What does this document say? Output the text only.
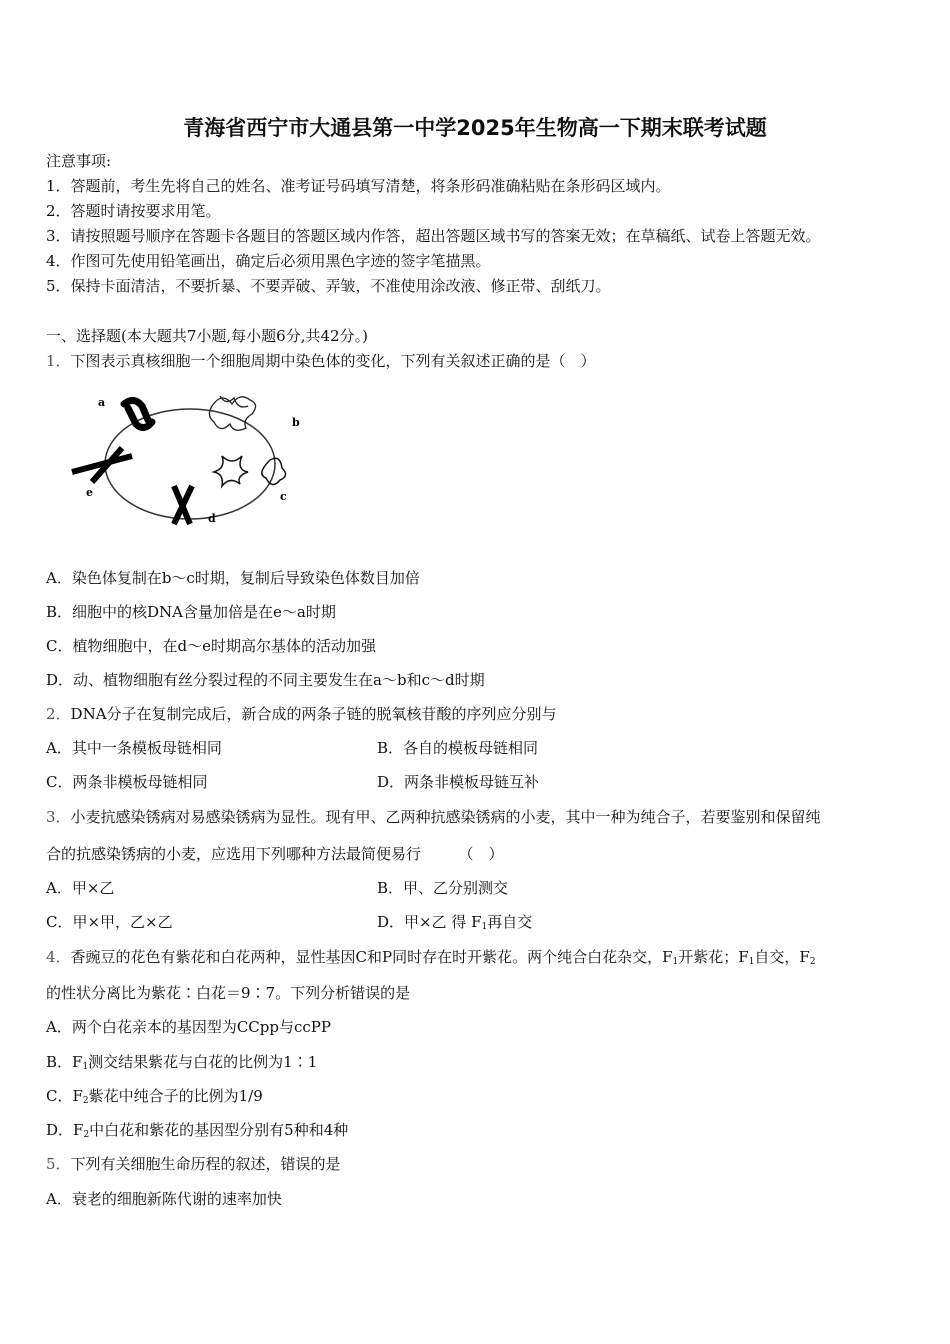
青海省西宁市大通县第一中学2025年生物高一下期末联考试题
注意事项:
1．答题前，考生先将自己的姓名、准考证号码填写清楚，将条形码准确粘贴在条形码区域内。
2．答题时请按要求用笔。
3．请按照题号顺序在答题卡各题目的答题区域内作答，超出答题区域书写的答案无效；在草稿纸、试卷上答题无效。
4．作图可先使用铅笔画出，确定后必须用黑色字迹的签字笔描黑。
5．保持卡面清洁，不要折暴、不要弄破、弄皱，不准使用涂改液、修正带、刮纸刀。
一、选择题(本大题共7小题,每小题6分,共42分。)
1．下图表示真核细胞一个细胞周期中染色体的变化，下列有关叙述正确的是（　）
a
b
c
d
e
A．染色体复制在b～c时期，复制后导致染色体数目加倍
B．细胞中的核DNA含量加倍是在e～a时期
C．植物细胞中，在d～e时期高尔基体的活动加强
D．动、植物细胞有丝分裂过程的不同主要发生在a～b和c～d时期
2．DNA分子在复制完成后，新合成的两条子链的脱氧核苷酸的序列应分别与
A．其中一条模板母链相同	B．各自的模板母链相同
C．两条非模板母链相同	D．两条非模板母链互补
3．小麦抗感染锈病对易感染锈病为显性。现有甲、乙两种抗感染锈病的小麦，其中一种为纯合子，若要鉴别和保留纯
合的抗感染锈病的小麦，应选用下列哪种方法最简便易行　　　（　）
A．甲×乙	B．甲、乙分别测交
C．甲×甲，乙×乙	D．甲×乙 得 $F_1$再自交
4．香豌豆的花色有紫花和白花两种，显性基因C和P同时存在时开紫花。两个纯合白花杂交，$F_1$开紫花；$F_1$自交，$F_2$
的性状分离比为紫花∶白花＝9∶7。下列分析错误的是
A．两个白花亲本的基因型为CCpp与ccPP
B．$F_1$测交结果紫花与白花的比例为1∶1
C．$F_2$紫花中纯合子的比例为1/9
D．$F_2$中白花和紫花的基因型分别有5种和4种
5．下列有关细胞生命历程的叙述，错误的是
A．衰老的细胞新陈代谢的速率加快
